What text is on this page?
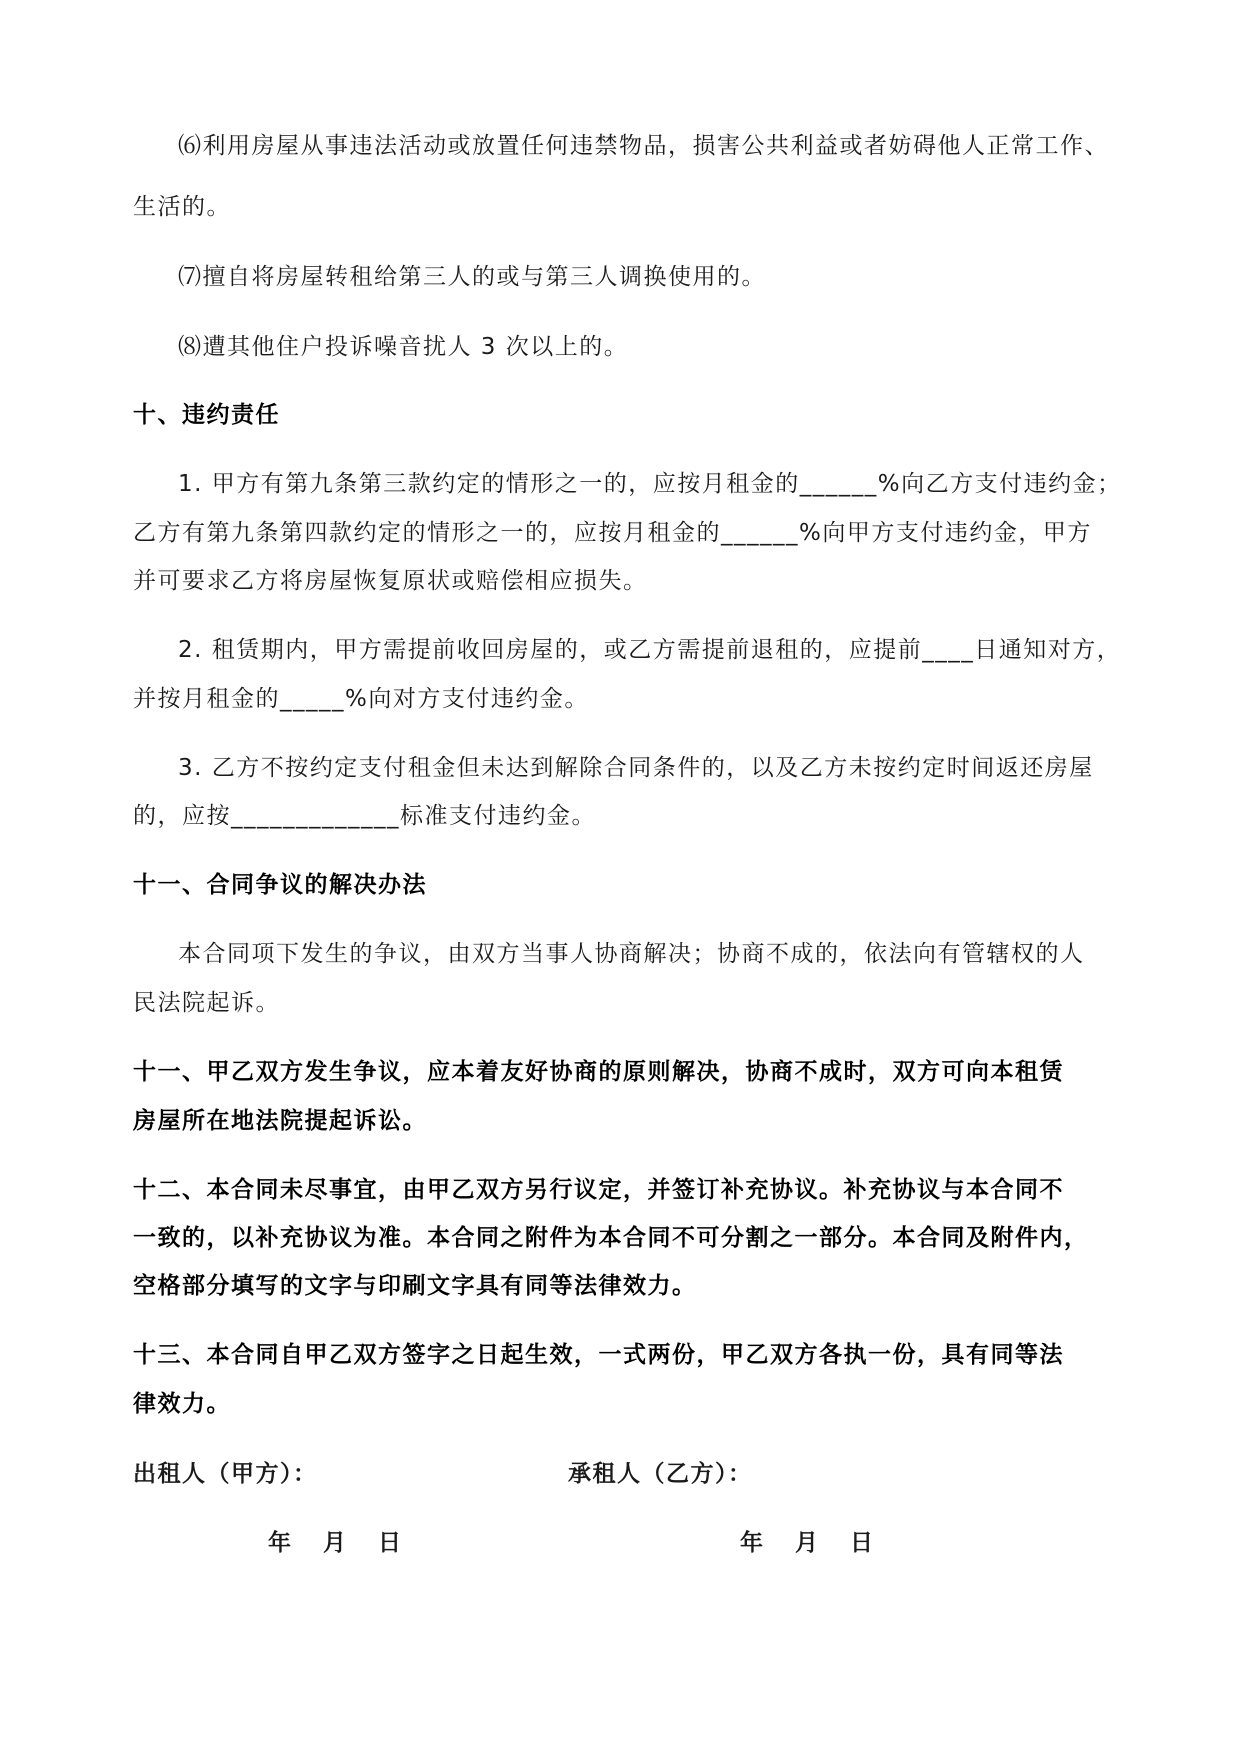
⑹利用房屋从事违法活动或放置任何违禁物品，损害公共利益或者妨碍他人正常工作、
生活的。
⑺擅自将房屋转租给第三人的或与第三人调换使用的。
⑻遭其他住户投诉噪音扰人 3 次以上的。
十、违约责任
1. 甲方有第九条第三款约定的情形之一的，应按月租金的______%向乙方支付违约金；
乙方有第九条第四款约定的情形之一的，应按月租金的______%向甲方支付违约金，甲方
并可要求乙方将房屋恢复原状或赔偿相应损失。
2. 租赁期内，甲方需提前收回房屋的，或乙方需提前退租的，应提前____日通知对方，
并按月租金的_____%向对方支付违约金。
3. 乙方不按约定支付租金但未达到解除合同条件的，以及乙方未按约定时间返还房屋
的，应按_____________标准支付违约金。
十一、合同争议的解决办法
本合同项下发生的争议，由双方当事人协商解决；协商不成的，依法向有管辖权的人
民法院起诉。
十一、甲乙双方发生争议，应本着友好协商的原则解决，协商不成时，双方可向本租赁
房屋所在地法院提起诉讼。
十二、本合同未尽事宜，由甲乙双方另行议定，并签订补充协议。补充协议与本合同不
一致的，以补充协议为准。本合同之附件为本合同不可分割之一部分。本合同及附件内，
空格部分填写的文字与印刷文字具有同等法律效力。
十三、本合同自甲乙双方签字之日起生效，一式两份，甲乙双方各执一份，具有同等法
律效力。
出租人（甲方）：	承租人（乙方）：
年    月    日	年    月    日
